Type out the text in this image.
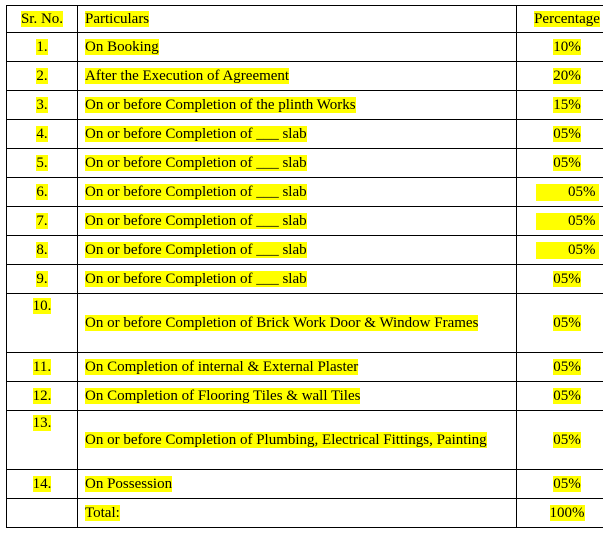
Sr. No.	Particulars	Percentage
1.	On Booking	10%
2.	After the Execution of Agreement	20%
3.	On or before Completion of the plinth Works	15%
4.	On or before Completion of ___ slab	05%
5.	On or before Completion of ___ slab	05%
6.	On or before Completion of ___ slab	05%
7.	On or before Completion of ___ slab	05%
8.	On or before Completion of ___ slab	05%
9.	On or before Completion of ___ slab	05%
10.	On or before Completion of Brick Work Door & Window Frames	05%
11.	On Completion of internal & External Plaster	05%
12.	On Completion of Flooring Tiles & wall Tiles	05%
13.	On or before Completion of Plumbing, Electrical Fittings, Painting	05%
14.	On Possession	05%
	Total:	100%
